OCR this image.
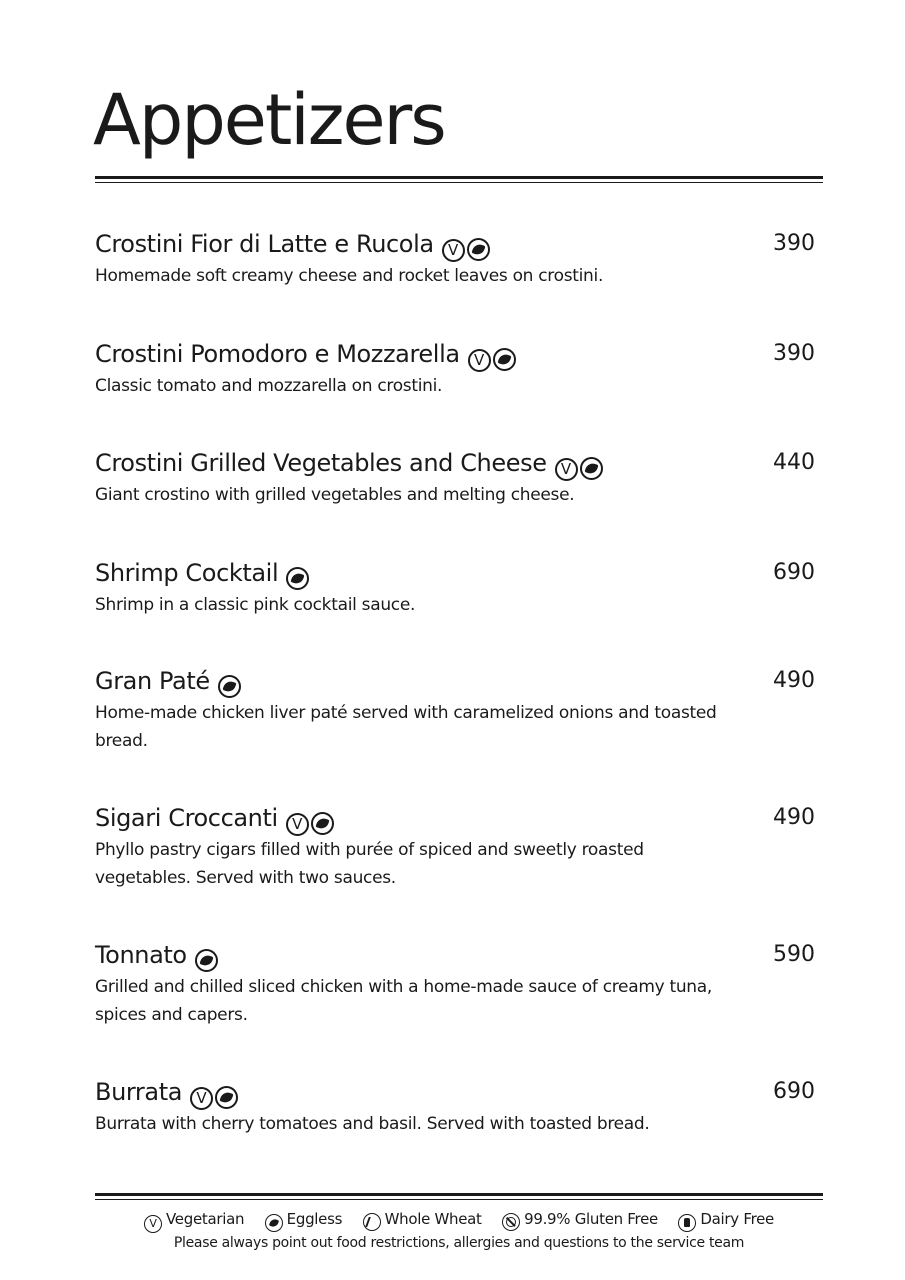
Appetizers
Crostini Fior di Latte e Rucola V	390
Homemade soft creamy cheese and rocket leaves on crostini.
Crostini Pomodoro e Mozzarella V	390
Classic tomato and mozzarella on crostini.
Crostini Grilled Vegetables and Cheese V	440
Giant crostino with grilled vegetables and melting cheese.
Shrimp Cocktail	690
Shrimp in a classic pink cocktail sauce.
Gran Paté	490
Home-made chicken liver paté served with caramelized onions and toasted bread.
Sigari Croccanti V	490
Phyllo pastry cigars filled with purée of spiced and sweetly roasted vegetables. Served with two sauces.
Tonnato	590
Grilled and chilled sliced chicken with a home-made sauce of creamy tuna, spices and capers.
Burrata V	690
Burrata with cherry tomatoes and basil. Served with toasted bread.
V Vegetarian	Eggless	Whole Wheat	99.9% Gluten Free	Dairy Free
Please always point out food restrictions, allergies and questions to the service team
